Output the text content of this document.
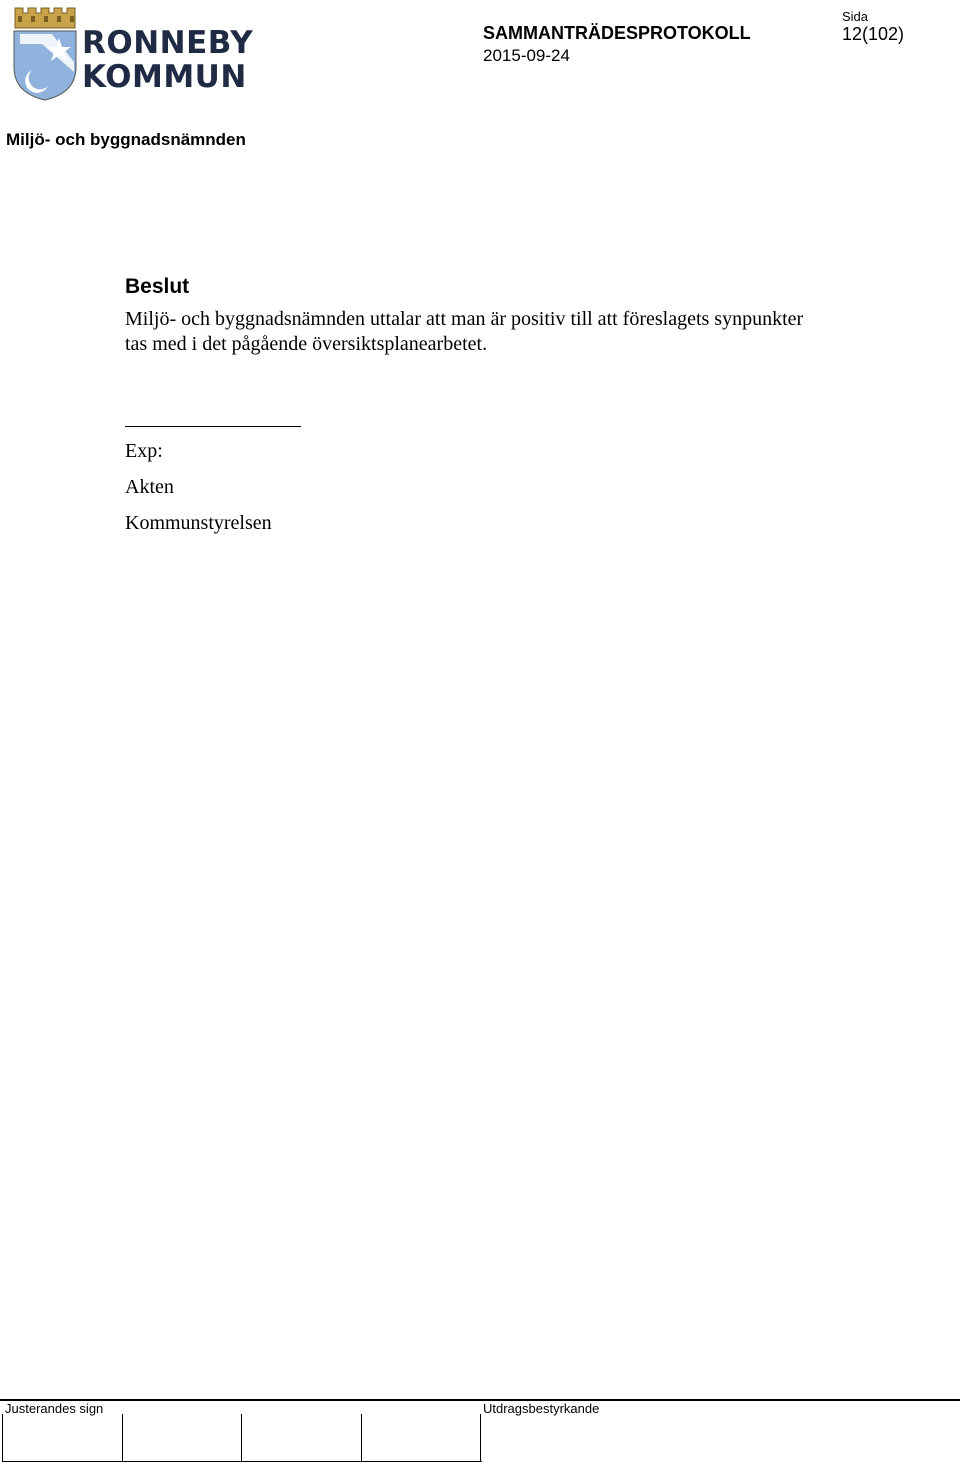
RONNEBY
KOMMUN
SAMMANTRÄDESPROTOKOLL
2015-09-24
Sida
12(102)
Miljö- och byggnadsnämnden
Beslut
Miljö- och byggnadsnämnden uttalar att man är positiv till att föreslagets synpunkter tas med i det pågående översiktsplanearbetet.
Exp:
Akten
Kommunstyrelsen
Justerandes sign	Utdragsbestyrkande
